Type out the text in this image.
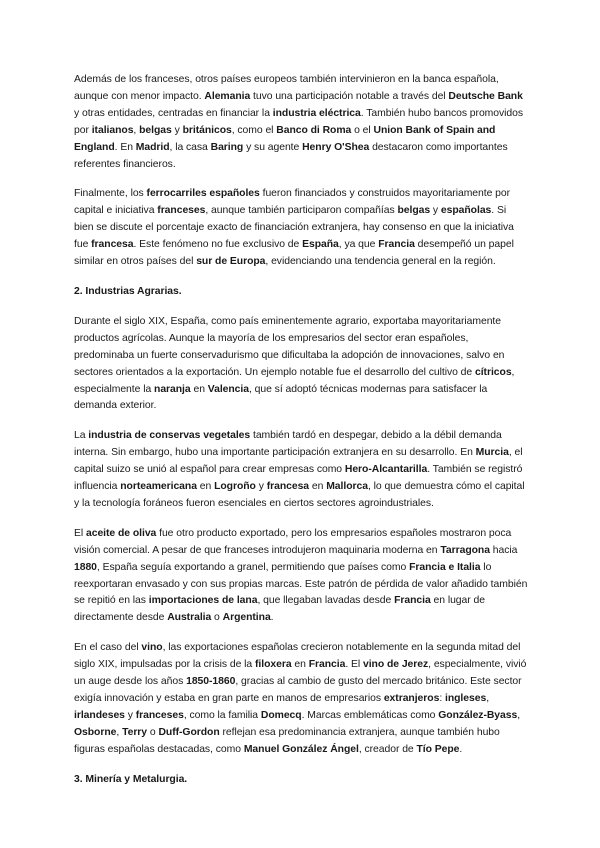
Además de los franceses, otros países europeos también intervinieron en la banca española, aunque con menor impacto. Alemania tuvo una participación notable a través del Deutsche Bank y otras entidades, centradas en financiar la industria eléctrica. También hubo bancos promovidos por italianos, belgas y británicos, como el Banco di Roma o el Union Bank of Spain and England. En Madrid, la casa Baring y su agente Henry O'Shea destacaron como importantes referentes financieros.

Finalmente, los ferrocarriles españoles fueron financiados y construidos mayoritariamente por capital e iniciativa franceses, aunque también participaron compañías belgas y españolas. Si bien se discute el porcentaje exacto de financiación extranjera, hay consenso en que la iniciativa fue francesa. Este fenómeno no fue exclusivo de España, ya que Francia desempeñó un papel similar en otros países del sur de Europa, evidenciando una tendencia general en la región.

2. Industrias Agrarias.

Durante el siglo XIX, España, como país eminentemente agrario, exportaba mayoritariamente productos agrícolas. Aunque la mayoría de los empresarios del sector eran españoles, predominaba un fuerte conservadurismo que dificultaba la adopción de innovaciones, salvo en sectores orientados a la exportación. Un ejemplo notable fue el desarrollo del cultivo de cítricos, especialmente la naranja en Valencia, que sí adoptó técnicas modernas para satisfacer la demanda exterior.

La industria de conservas vegetales también tardó en despegar, debido a la débil demanda interna. Sin embargo, hubo una importante participación extranjera en su desarrollo. En Murcia, el capital suizo se unió al español para crear empresas como Hero-Alcantarilla. También se registró influencia norteamericana en Logroño y francesa en Mallorca, lo que demuestra cómo el capital y la tecnología foráneos fueron esenciales en ciertos sectores agroindustriales.

El aceite de oliva fue otro producto exportado, pero los empresarios españoles mostraron poca visión comercial. A pesar de que franceses introdujeron maquinaria moderna en Tarragona hacia 1880, España seguía exportando a granel, permitiendo que países como Francia e Italia lo reexportaran envasado y con sus propias marcas. Este patrón de pérdida de valor añadido también se repitió en las importaciones de lana, que llegaban lavadas desde Francia en lugar de directamente desde Australia o Argentina.

En el caso del vino, las exportaciones españolas crecieron notablemente en la segunda mitad del siglo XIX, impulsadas por la crisis de la filoxera en Francia. El vino de Jerez, especialmente, vivió un auge desde los años 1850-1860, gracias al cambio de gusto del mercado británico. Este sector exigía innovación y estaba en gran parte en manos de empresarios extranjeros: ingleses, irlandeses y franceses, como la familia Domecq. Marcas emblemáticas como González-Byass, Osborne, Terry o Duff-Gordon reflejan esa predominancia extranjera, aunque también hubo figuras españolas destacadas, como Manuel González Ángel, creador de Tío Pepe.

3. Minería y Metalurgia.
